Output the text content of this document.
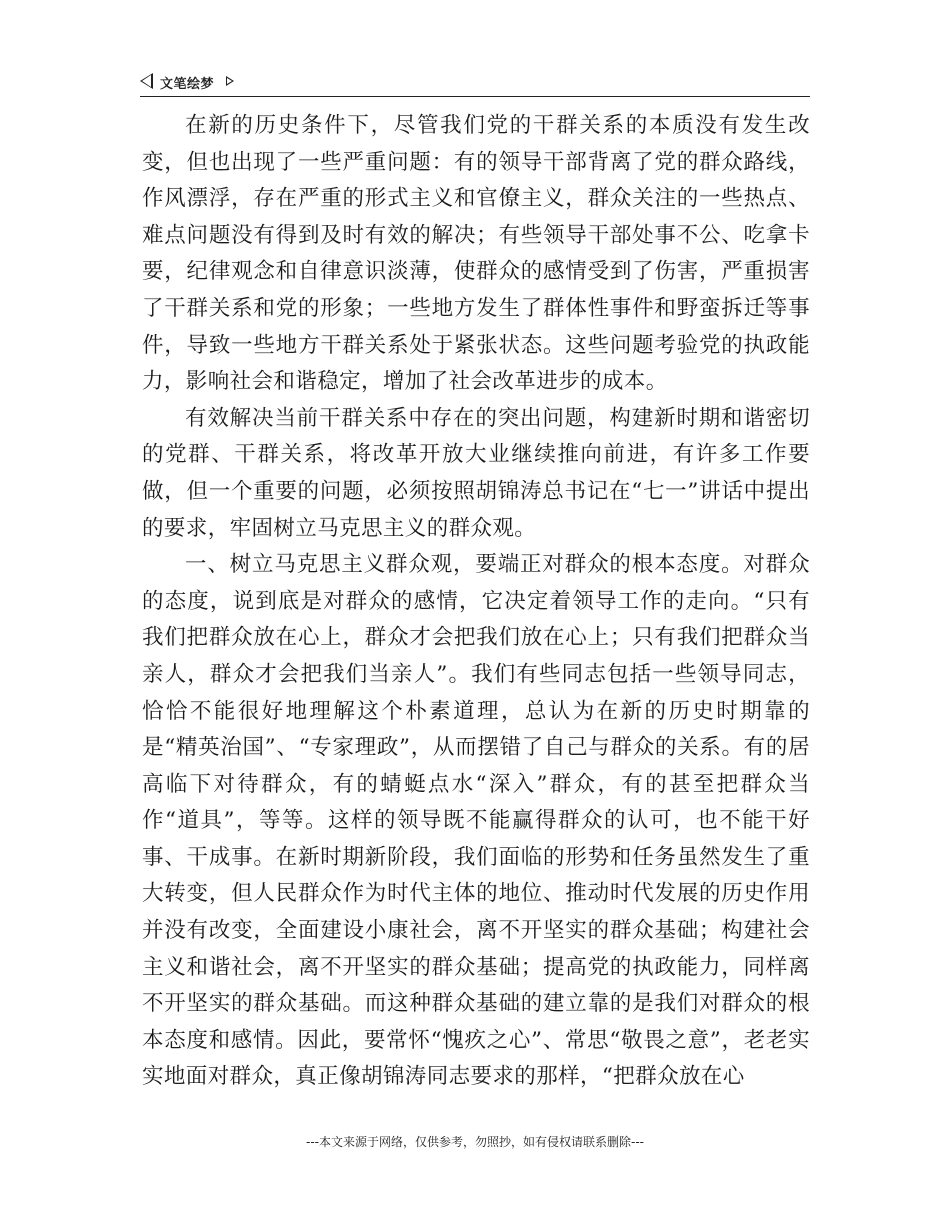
文笔绘梦

在新的历史条件下，尽管我们党的干群关系的本质没有发生改变，但也出现了一些严重问题：有的领导干部背离了党的群众路线，作风漂浮，存在严重的形式主义和官僚主义，群众关注的一些热点、难点问题没有得到及时有效的解决；有些领导干部处事不公、吃拿卡要，纪律观念和自律意识淡薄，使群众的感情受到了伤害，严重损害了干群关系和党的形象；一些地方发生了群体性事件和野蛮拆迁等事件，导致一些地方干群关系处于紧张状态。这些问题考验党的执政能力，影响社会和谐稳定，增加了社会改革进步的成本。

有效解决当前干群关系中存在的突出问题，构建新时期和谐密切的党群、干群关系，将改革开放大业继续推向前进，有许多工作要做，但一个重要的问题，必须按照胡锦涛总书记在“七一”讲话中提出的要求，牢固树立马克思主义的群众观。

一、树立马克思主义群众观，要端正对群众的根本态度。对群众的态度，说到底是对群众的感情，它决定着领导工作的走向。“只有我们把群众放在心上，群众才会把我们放在心上；只有我们把群众当亲人，群众才会把我们当亲人”。我们有些同志包括一些领导同志，恰恰不能很好地理解这个朴素道理，总认为在新的历史时期靠的是“精英治国”、“专家理政”，从而摆错了自己与群众的关系。有的居高临下对待群众，有的蜻蜓点水“深入”群众，有的甚至把群众当作“道具”，等等。这样的领导既不能赢得群众的认可，也不能干好事、干成事。在新时期新阶段，我们面临的形势和任务虽然发生了重大转变，但人民群众作为时代主体的地位、推动时代发展的历史作用并没有改变，全面建设小康社会，离不开坚实的群众基础；构建社会主义和谐社会，离不开坚实的群众基础；提高党的执政能力，同样离不开坚实的群众基础。而这种群众基础的建立靠的是我们对群众的根本态度和感情。因此，要常怀“愧疚之心”、常思“敬畏之意”，老老实实地面对群众，真正像胡锦涛同志要求的那样，“把群众放在心

---本文来源于网络，仅供参考，勿照抄，如有侵权请联系删除---
